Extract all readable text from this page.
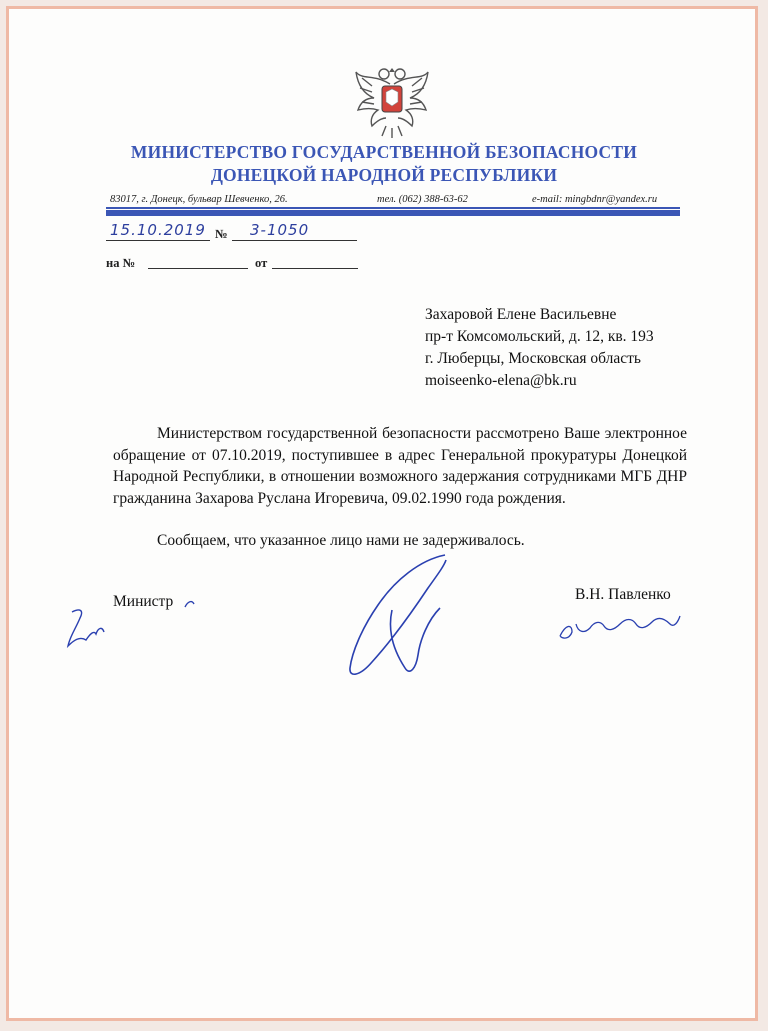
МИНИСТЕРСТВО ГОСУДАРСТВЕННОЙ БЕЗОПАСНОСТИ
ДОНЕЦКОЙ НАРОДНОЙ РЕСПУБЛИКИ
83017, г. Донецк, бульвар Шевченко, 26.	тел. (062) 388-63-62	e-mail: mingbdnr@yandex.ru
15.10.2019 № 3-1050
на №	от
Захаровой Елене Васильевне
пр-т Комсомольский, д. 12, кв. 193
г. Люберцы, Московская область
moiseenko-elena@bk.ru
Министерством государственной безопасности рассмотрено Ваше электронное обращение от 07.10.2019, поступившее в адрес Генеральной прокуратуры Донецкой Народной Республики, в отношении возможного задержания сотрудниками МГБ ДНР гражданина Захарова Руслана Игоревича, 09.02.1990 года рождения.
Сообщаем, что указанное лицо нами не задерживалось.
Министр	В.Н. Павленко
